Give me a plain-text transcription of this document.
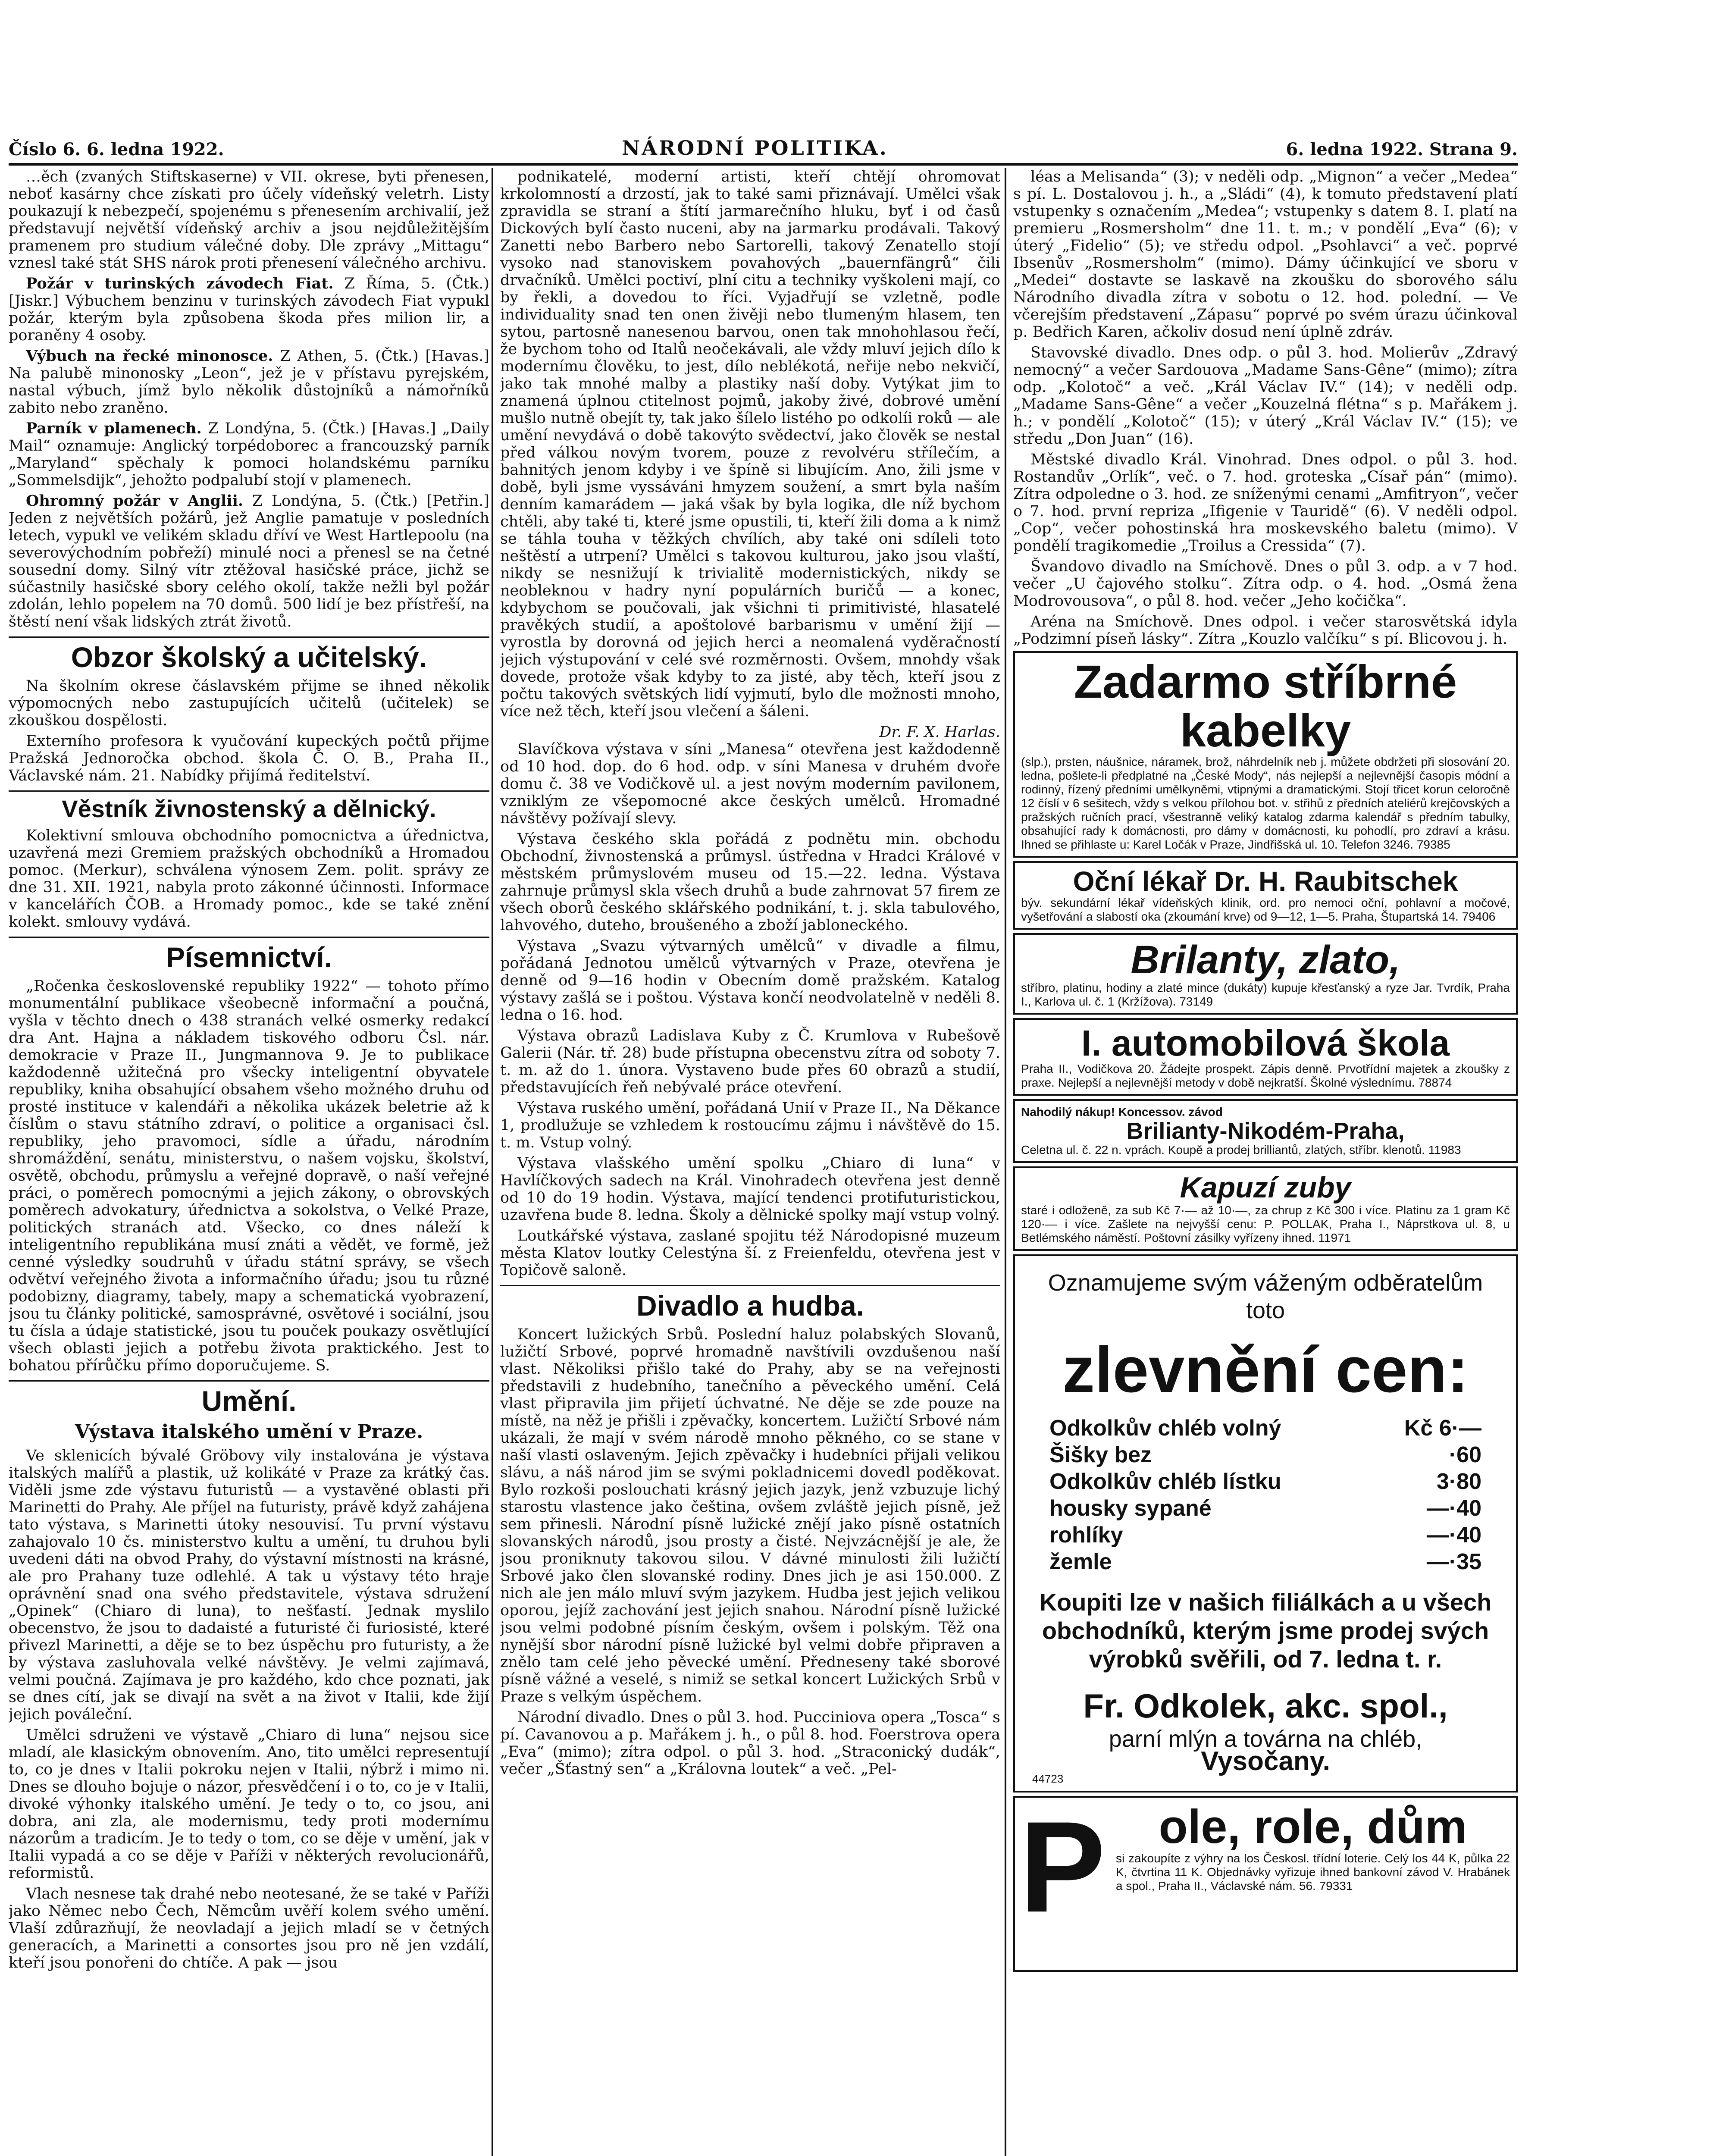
Číslo 6. 6. ledna 1922.	NÁRODNÍ POLITIKA.	6. ledna 1922. Strana 9.

…ěch (zvaných Stiftskaserne) v VII. okrese, byti přenesen, neboť kasárny chce získati pro účely vídeňský veletrh. Listy poukazují k nebezpečí, spojenému s přenesením archivalií, jež představují největší vídeňský archiv a jsou nejdůležitějším pramenem pro studium válečné doby. Dle zprávy „Mittagu“ vznesl také stát SHS nárok proti přenesení válečného archivu.

Požár v turinských závodech Fiat. Z Říma, 5. (Čtk.) [Jiskr.] Výbuchem benzinu v turinských závodech Fiat vypukl požár, kterým byla způsobena škoda přes milion lir, a poraněny 4 osoby.

Výbuch na řecké minonosce. Z Athen, 5. (Čtk.) [Havas.] Na palubě minonosky „Leon“, jež je v přístavu pyrejském, nastal výbuch, jímž bylo několik důstojníků a námořníků zabito nebo zraněno.

Parník v plamenech. Z Londýna, 5. (Čtk.) [Havas.] „Daily Mail“ oznamuje: Anglický torpédoborec a francouzský parník „Maryland“ spěchaly k pomoci holandskému parníku „Sommelsdijk“, jehožto podpalubí stojí v plamenech.

Ohromný požár v Anglii. Z Londýna, 5. (Čtk.) [Petřin.] Jeden z největších požárů, jež Anglie pamatuje v posledních letech, vypukl ve velikém skladu dříví ve West Hartlepoolu (na severovýchodním pobřeží) minulé noci a přenesl se na četné sousední domy. Silný vítr ztěžoval hasičské práce, jichž se súčastnily hasičské sbory celého okolí, takže nežli byl požár zdolán, lehlo popelem na 70 domů. 500 lidí je bez přístřeší, na štěstí není však lidských ztrát životů.

Obzor školský a učitelský.

Na školním okrese čáslavském přijme se ihned několik výpomocných nebo zastupujících učitelů (učitelek) se zkouškou dospělosti.

Externího profesora k vyučování kupeckých počtů přijme Pražská Jednoročka obchod. škola Č. O. B., Praha II., Václavské nám. 21. Nabídky přijímá ředitelství.

Věstník živnostenský a dělnický.

Kolektivní smlouva obchodního pomocnictva a úřednictva, uzavřená mezi Gremiem pražských obchodníků a Hromadou pomoc. (Merkur), schválena výnosem Zem. polit. správy ze dne 31. XII. 1921, nabyla proto zákonné účinnosti. Informace v kancelářích ČOB. a Hromady pomoc., kde se také znění kolekt. smlouvy vydává.

Písemnictví.

„Ročenka československé republiky 1922“ — tohoto přímo monumentální publikace všeobecně informační a poučná, vyšla v těchto dnech o 438 stranách velké osmerky redakcí dra Ant. Hajna a nákladem tiskového odboru Čsl. nár. demokracie v Praze II., Jungmannova 9. Je to publikace každodenně užitečná pro všecky inteligentní obyvatele republiky, kniha obsahující obsahem všeho možného druhu od prosté instituce v kalendáři a několika ukázek beletrie až k číslům o stavu státního zdraví, o politice a organisaci čsl. republiky, jeho pravomoci, sídle a úřadu, národním shromáždění, senátu, ministerstvu, o našem vojsku, školství, osvětě, obchodu, průmyslu a veřejné dopravě, o naší veřejné práci, o poměrech pomocnými a jejich zákony, o obrovských poměrech advokatury, úřednictva a sokolstva, o Velké Praze, politických stranách atd. Všecko, co dnes náleží k inteligentního republikána musí znáti a vědět, ve formě, jež cenné výsledky soudruhů v úřadu státní správy, se všech odvětví veřejného života a informačního úřadu; jsou tu různé podobizny, diagramy, tabely, mapy a schematická vyobrazení, jsou tu články politické, samosprávné, osvětové i sociální, jsou tu čísla a údaje statistické, jsou tu pouček poukazy osvětlující všech oblasti jejich a potřebu života praktického. Jest to bohatou přírůčku přímo doporučujeme. S.

Umění.
Výstava italského umění v Praze.

Ve sklenicích bývalé Gröbovy vily instalována je výstava italských malířů a plastik, už kolikáté v Praze za krátký čas. Viděli jsme zde výstavu futuristů — a vystavěné oblasti při Marinetti do Prahy. Ale příjel na futuristy, právě když zahájena tato výstava, s Marinetti útoky nesouvisí. Tu první výstavu zahajovalo 10 čs. ministerstvo kultu a umění, tu druhou byli uvedeni dáti na obvod Prahy, do výstavní místnosti na krásné, ale pro Prahany tuze odlehlé. A tak u výstavy této hraje oprávnění snad ona svého představitele, výstava sdružení „Opinek“ (Chiaro di luna), to nešťastí. Jednak myslilo obecenstvo, že jsou to dadaisté a futuristé či furiosisté, které přivezl Marinetti, a děje se to bez úspěchu pro futuristy, a že by výstava zasluhovala velké návštěvy. Je velmi zajímavá, velmi poučná. Zajímava je pro každého, kdo chce poznati, jak se dnes cítí, jak se divají na svět a na život v Italii, kde žijí jejich pováleční.

Umělci sdruženi ve výstavě „Chiaro di luna“ nejsou sice mladí, ale klasickým obnovením. Ano, tito umělci representují to, co je dnes v Italii pokroku nejen v Italii, nýbrž i mimo ni. Dnes se dlouho bojuje o názor, přesvědčení i o to, co je v Italii, divoké výhonky italského umění. Je tedy o to, co jsou, ani dobra, ani zla, ale modernismu, tedy proti modernímu názorům a tradicím. Je to tedy o tom, co se děje v umění, jak v Italii vypadá a co se děje v Paříži v některých revolucionářů, reformistů.

Vlach nesnese tak drahé nebo neotesané, že se také v Paříži jako Němec nebo Čech, Němcům uvěří kolem svého umění. Vlaší zdůrazňují, že neovladají a jejich mladí se v četných generacích, a Marinetti a consortes jsou pro ně jen vzdálí, kteří jsou ponořeni do chtíče. A pak — jsou

podnikatelé, moderní artisti, kteří chtějí ohromovat krkolomností a drzostí, jak to také sami přiznávají. Umělci však zpravidla se straní a štítí jarmarečního hluku, byť i od časů Dickových bylí často nuceni, aby na jarmarku prodávali. Takový Zanetti nebo Barbero nebo Sartorelli, takový Zenatello stojí vysoko nad stanoviskem povahových „bauernfängrů“ čili drvačníků. Umělci poctiví, plní citu a techniky vyškoleni mají, co by řekli, a dovedou to říci. Vyjadřují se vzletně, podle individuality snad ten onen živěji nebo tlumeným hlasem, ten sytou, partosně nanesenou barvou, onen tak mnohohlasou řečí, že bychom toho od Italů neočekávali, ale vždy mluví jejich dílo k modernímu člověku, to jest, dílo neblékotá, neřije nebo nekvičí, jako tak mnohé malby a plastiky naší doby. Vytýkat jim to znamená úplnou ctitelnost pojmů, jakoby živé, dobrové umění mušlo nutně obejít ty, tak jako šílelo listého po odkolíi roků — ale umění nevydává o době takovýto svědectví, jako člověk se nestal před válkou novým tvorem, pouze z revolvéru střílečím, a bahnitých jenom kdyby i ve špíně si libujícím. Ano, žili jsme v době, byli jsme vyssáváni hmyzem soužení, a smrt byla naším denním kamarádem — jaká však by byla logika, dle níž bychom chtěli, aby také ti, které jsme opustili, ti, kteří žili doma a k nimž se táhla touha v těžkých chvílích, aby také oni sdíleli toto neštěstí a utrpení? Umělci s takovou kulturou, jako jsou vlaští, nikdy se nesnižují k trivialitě modernistických, nikdy se neobleknou v hadry nyní populárních buričů — a konec, kdybychom se poučovali, jak všichni ti primitivisté, hlasatelé pravěkých studií, a apoštolové barbarismu v umění žijí — vyrostla by dorovná od jejich herci a neomalená vyděračností jejich výstupování v celé své rozměrnosti. Ovšem, mnohdy však dovede, protože však kdyby to za jisté, aby těch, kteří jsou z počtu takových světských lidí vyjmutí, bylo dle možnosti mnoho, více než těch, kteří jsou vlečení a šáleni.

Dr. F. X. Harlas.

Slavíčkova výstava v síni „Manesa“ otevřena jest každodenně od 10 hod. dop. do 6 hod. odp. v síni Manesa v druhém dvoře domu č. 38 ve Vodičkově ul. a jest novým moderním pavilonem, vzniklým ze všepomocné akce českých umělců. Hromadné návštěvy požívají slevy.

Výstava českého skla pořádá z podnětu min. obchodu Obchodní, živnostenská a průmysl. ústředna v Hradci Králové v městském průmyslovém museu od 15.—22. ledna. Výstava zahrnuje průmysl skla všech druhů a bude zahrnovat 57 firem ze všech oborů českého sklářského podnikání, t. j. skla tabulového, lahvového, duteho, broušeného a zboží jabloneckého.

Výstava „Svazu výtvarných umělců“ v divadle a filmu, pořádaná Jednotou umělců výtvarných v Praze, otevřena je denně od 9—16 hodin v Obecním domě pražském. Katalog výstavy zašlá se i poštou. Výstava končí neodvolatelně v neděli 8. ledna o 16. hod.

Výstava obrazů Ladislava Kuby z Č. Krumlova v Rubešově Galerii (Nár. tř. 28) bude přístupna obecenstvu zítra od soboty 7. t. m. až do 1. února. Vystaveno bude přes 60 obrazů a studií, představujících řeň nebývalé práce otevření.

Výstava ruského umění, pořádaná Unií v Praze II., Na Děkance 1, prodlužuje se vzhledem k rostoucímu zájmu i návštěvě do 15. t. m. Vstup volný.

Výstava vlašského umění spolku „Chiaro di luna“ v Havlíčkových sadech na Král. Vinohradech otevřena jest denně od 10 do 19 hodin. Výstava, mající tendenci protifuturistickou, uzavřena bude 8. ledna. Školy a dělnické spolky mají vstup volný.

Loutkářské výstava, zaslané spojitu též Národopisné muzeum města Klatov loutky Celestýna ší. z Freienfeldu, otevřena jest v Topičově saloně.

Divadlo a hudba.

Koncert lužických Srbů. Poslední haluz polabských Slovanů, lužičtí Srbové, poprvé hromadně navštívili ovzdušenou naší vlast. Několiksi přišlo také do Prahy, aby se na veřejnosti představili z hudebního, tanečního a pěveckého umění. Celá vlast připravila jim přijetí úchvatné. Ne děje se zde pouze na místě, na něž je přišli i zpěvačky, koncertem. Lužičtí Srbové nám ukázali, že mají v svém národě mnoho pěkného, co se stane v naší vlasti oslaveným. Jejich zpěvačky i hudebníci přijali velikou slávu, a náš národ jim se svými pokladnicemi dovedl poděkovat. Bylo rozkoši poslouchati krásný jejich jazyk, jenž vzbuzuje lichý starostu vlastence jako čeština, ovšem zvláště jejich písně, jež sem přinesli. Národní písně lužické znějí jako písně ostatních slovanských národů, jsou prosty a čisté. Nejvzácnější je ale, že jsou proniknuty takovou silou. V dávné minulosti žili lužičtí Srbové jako člen slovanské rodiny. Dnes jich je asi 150.000. Z nich ale jen málo mluví svým jazykem. Hudba jest jejich velikou oporou, jejíž zachování jest jejich snahou. Národní písně lužické jsou velmi podobné písním českým, ovšem i polským. Těž ona nynější sbor národní písně lužické byl velmi dobře připraven a znělo tam celé jeho pěvecké umění. Předneseny také sborové písně vážné a veselé, s nimiž se setkal koncert Lužických Srbů v Praze s velkým úspěchem.

Národní divadlo. Dnes o půl 3. hod. Pucciniova opera „Tosca“ s pí. Cavanovou a p. Mařákem j. h., o půl 8. hod. Foerstrova opera „Eva“ (mimo); zítra odpol. o půl 3. hod. „Straconický dudák“, večer „Šťastný sen“ a „Královna loutek“ a več. „Pel-

léas a Melisanda“ (3); v neděli odp. „Mignon“ a večer „Medea“ s pí. L. Dostalovou j. h., a „Sládi“ (4), k tomuto představení platí vstupenky s označením „Medea“; vstupenky s datem 8. I. platí na premieru „Rosmersholm“ dne 11. t. m.; v pondělí „Eva“ (6); v úterý „Fidelio“ (5); ve středu odpol. „Psohlavci“ a več. poprvé Ibsenův „Rosmersholm“ (mimo). Dámy účinkující ve sboru v „Medei“ dostavte se laskavě na zkoušku do sborového sálu Národního divadla zítra v sobotu o 12. hod. polední. — Ve včerejším představení „Zápasu“ poprvé po svém úrazu účinkoval p. Bedřich Karen, ačkoliv dosud není úplně zdráv.

Stavovské divadlo. Dnes odp. o půl 3. hod. Molierův „Zdravý nemocný“ a večer Sardouova „Madame Sans-Gêne“ (mimo); zítra odp. „Kolotoč“ a več. „Král Václav IV.“ (14); v neděli odp. „Madame Sans-Gêne“ a večer „Kouzelná flétna“ s p. Mařákem j. h.; v pondělí „Kolotoč“ (15); v úterý „Král Václav IV.“ (15); ve středu „Don Juan“ (16).

Městské divadlo Král. Vinohrad. Dnes odpol. o půl 3. hod. Rostandův „Orlík“, več. o 7. hod. groteska „Císař pán“ (mimo). Zítra odpoledne o 3. hod. ze sníženými cenami „Amfitryon“, večer o 7. hod. první repriza „Ifigenie v Tauridě“ (6). V neděli odpol. „Cop“, večer pohostinská hra moskevského baletu (mimo). V pondělí tragikomedie „Troilus a Cressida“ (7).

Švandovo divadlo na Smíchově. Dnes o půl 3. odp. a v 7 hod. večer „U čajového stolku“. Zítra odp. o 4. hod. „Osmá žena Modrovousova“, o půl 8. hod. večer „Jeho kočička“.

Aréna na Smíchově. Dnes odpol. i večer starosvětská idyla „Podzimní píseň lásky“. Zítra „Kouzlo valčíku“ s pí. Blicovou j. h.

Zadarmo stříbrné kabelky
(slp.), prsten, náušnice, náramek, brož, náhrdelník neb j. můžete obdržeti při slosování 20. ledna, pošlete-li předplatné na „České Mody“, nás nejlepší a nejlevnější časopis módní a rodinný, řízený předními umělkyněmi, vtipnými a dramatickými. Stojí třicet korun celoročně 12 číslí v 6 sešitech, vždy s velkou přílohou bot. v. střihů z předních ateliérů krejčovských a pražských ručních prací, všestranně veliký katalog zdarma kalendář s předním tabulky, obsahující rady k domácnosti, pro dámy v domácnosti, ku pohodlí, pro zdraví a krásu. Ihned se přihlaste u: Karel Ločák v Praze, Jindřišská ul. 10. Telefon 3246. 79385
Oční lékař Dr. H. Raubitschek
býv. sekundární lékař vídeňských klinik, ord. pro nemoci oční, pohlavní a močové, vyšetřování a slabostí oka (zkoumání krve) od 9—12, 1—5. Praha, Štupartská 14. 79406
Brilanty, zlato,
stříbro, platinu, hodiny a zlaté mince (dukáty) kupuje křesťanský a ryze Jar. Tvrdík, Praha I., Karlova ul. č. 1 (Kržížova). 73149
I. automobilová škola
Praha II., Vodičkova 20. Žádejte prospekt. Zápis denně. Prvotřídní majetek a zkoušky z praxe. Nejlepší a nejlevnější metody v době nejkratší. Školné výslednímu. 78874
Nahodilý nákup! Koncessov. závod
Brilianty-Nikodém-Praha,
Celetna ul. č. 22 n. vprách. Koupě a prodej brilliantů, zlatých, stříbr. klenotů. 11983
Kapuzí zuby
staré i odloženě, za sub Kč 7·— až 10·—, za chrup z Kč 300 i více. Platinu za 1 gram Kč 120·— i více. Zašlete na nejvyšší cenu: P. POLLAK, Praha I., Náprstkova ul. 8, u Betlémského náměstí. Poštovní zásilky vyřízeny ihned. 11971
Oznamujeme svým váženým odběratelům toto
zlevnění cen:
Odkolkův chléb volný	Kč 6·—
Šišky bez	·60
Odkolkův chléb lístku	3·80
housky sypané	—·40
rohlíky	—·40
žemle	—·35
Koupiti lze v našich filiálkách a u všech obchodníků, kterým jsme prodej svých výrobků svěřili, od 7. ledna t. r.
Fr. Odkolek, akc. spol.,
parní mlýn a továrna na chléb,
Vysočany.
44723
P	ole, role, dům
si zakoupíte z výhry na los Českosl. třídní loterie. Celý los 44 K, půlka 22 K, čtvrtina 11 K. Objednávky vyřizuje ihned bankovní závod V. Hrabánek a spol., Praha II., Václavské nám. 56. 79331
